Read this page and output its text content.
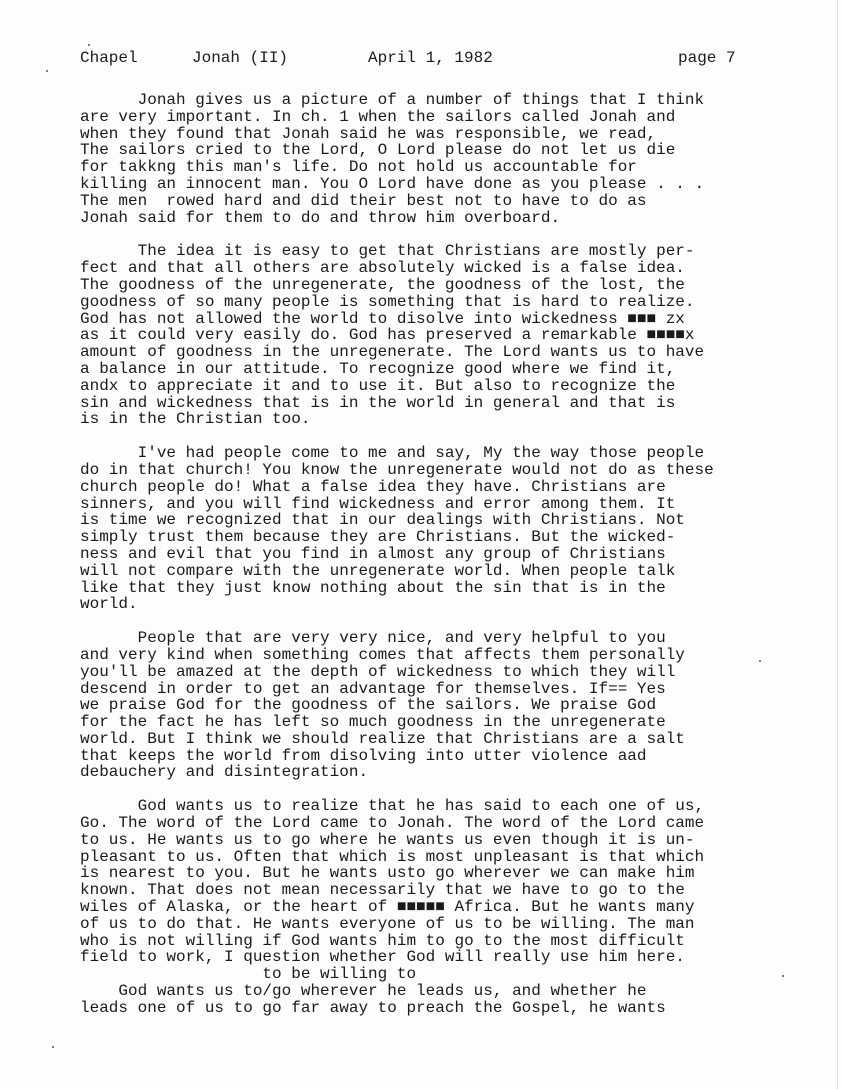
Chapel	Jonah (II)	April 1, 1982	page 7
Jonah gives us a picture of a number of things that I think
are very important. In ch. 1 when the sailors called Jonah and
when they found that Jonah said he was responsible, we read,
The sailors cried to the Lord, O Lord please do not let us die
for takkng this man's life. Do not hold us accountable for
killing an innocent man. You O Lord have done as you please . . .
The men  rowed hard and did their best not to have to do as
Jonah said for them to do and throw him overboard.
The idea it is easy to get that Christians are mostly per-
fect and that all others are absolutely wicked is a false idea.
The goodness of the unregenerate, the goodness of the lost, the
goodness of so many people is something that is hard to realize.
God has not allowed the world to disolve into wickedness ■■■ zx
as it could very easily do. God has preserved a remarkable ■■■■x
amount of goodness in the unregenerate. The Lord wants us to have
a balance in our attitude. To recognize good where we find it,
andx to appreciate it and to use it. But also to recognize the
sin and wickedness that is in the world in general and that is
is in the Christian too.
I've had people come to me and say, My the way those people
do in that church! You know the unregenerate would not do as these
church people do! What a false idea they have. Christians are
sinners, and you will find wickedness and error among them. It
is time we recognized that in our dealings with Christians. Not
simply trust them because they are Christians. But the wicked-
ness and evil that you find in almost any group of Christians
will not compare with the unregenerate world. When people talk
like that they just know nothing about the sin that is in the
world.
People that are very very nice, and very helpful to you
and very kind when something comes that affects them personally
you'll be amazed at the depth of wickedness to which they will
descend in order to get an advantage for themselves. If== Yes
we praise God for the goodness of the sailors. We praise God
for the fact he has left so much goodness in the unregenerate
world. But I think we should realize that Christians are a salt
that keeps the world from disolving into utter violence aad
debauchery and disintegration.
God wants us to realize that he has said to each one of us,
Go. The word of the Lord came to Jonah. The word of the Lord came
to us. He wants us to go where he wants us even though it is un-
pleasant to us. Often that which is most unpleasant is that which
is nearest to you. But he wants usto go wherever we can make him
known. That does not mean necessarily that we have to go to the
wiles of Alaska, or the heart of ■■■■■ Africa. But he wants many
of us to do that. He wants everyone of us to be willing. The man
who is not willing if God wants him to go to the most difficult
field to work, I question whether God will really use him here.
to be willing to
God wants us to/go wherever he leads us, and whether he
leads one of us to go far away to preach the Gospel, he wants
